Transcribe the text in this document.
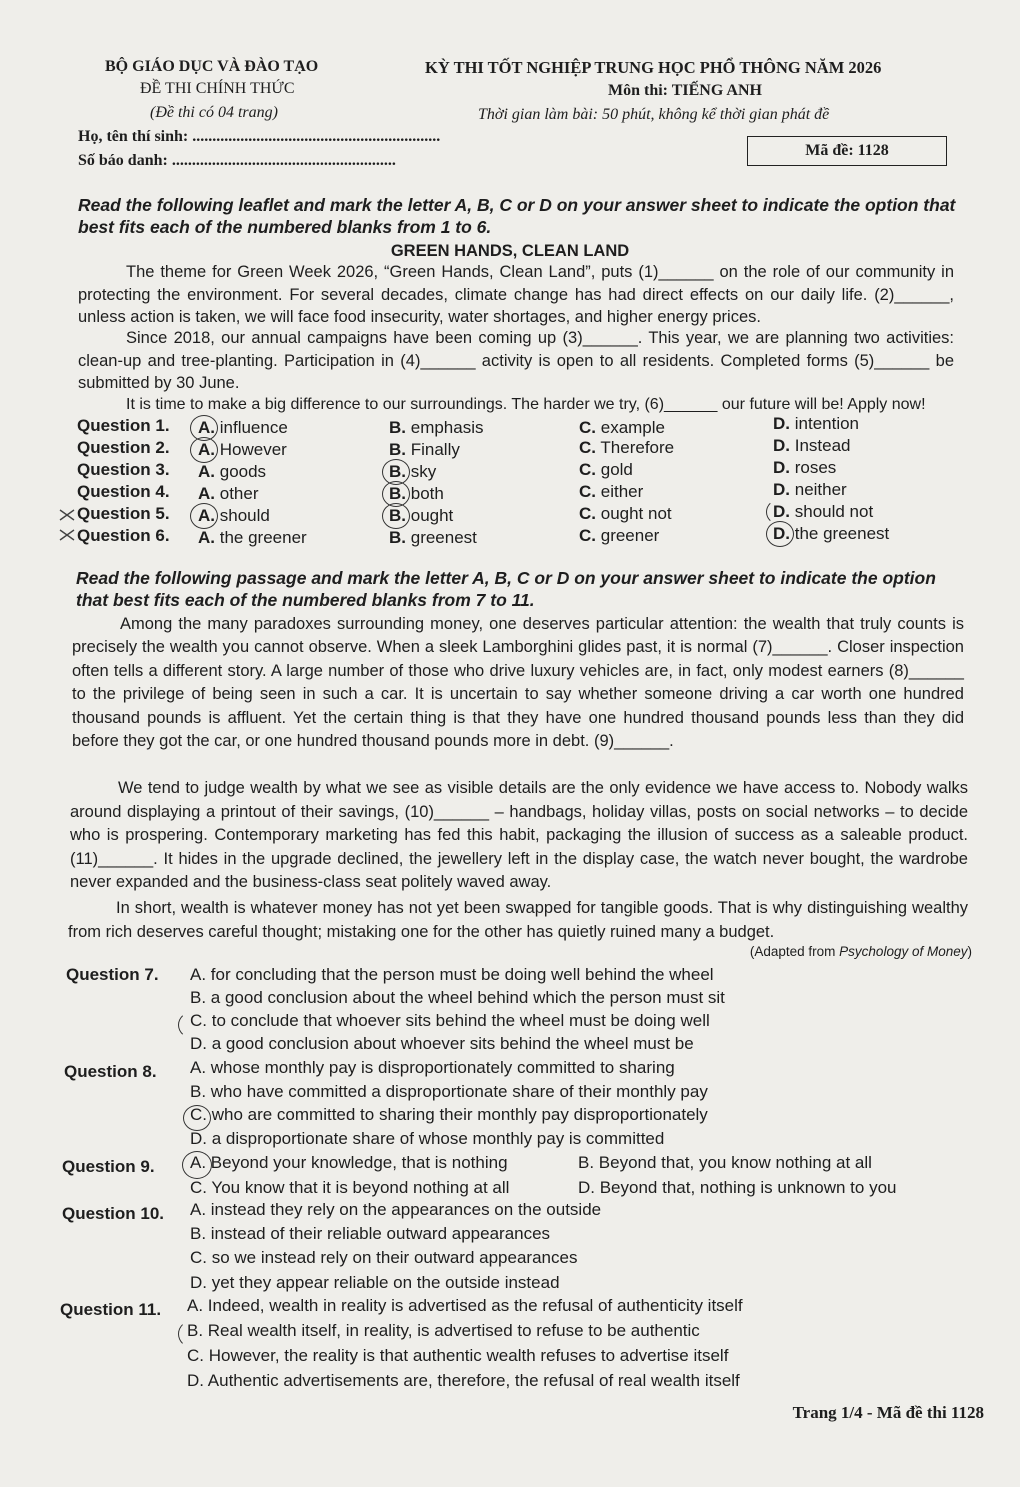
BỘ GIÁO DỤC VÀ ĐÀO TẠO
ĐỀ THI CHÍNH THỨC
(Đề thi có 04 trang)
Họ, tên thí sinh: ..............................................................
Số báo danh: ........................................................
KỲ THI TỐT NGHIỆP TRUNG HỌC PHỔ THÔNG NĂM 2026
Môn thi: TIẾNG ANH
Thời gian làm bài: 50 phút, không kể thời gian phát đề
Mã đề: 1128
Read the following leaflet and mark the letter A, B, C or D on your answer sheet to indicate the option that best fits each of the numbered blanks from 1 to 6.
GREEN HANDS, CLEAN LAND
The theme for Green Week 2026, “Green Hands, Clean Land”, puts (1)______ on the role of our community in protecting the environment. For several decades, climate change has had direct effects on our daily life. (2)______, unless action is taken, we will face food insecurity, water shortages, and higher energy prices.
Since 2018, our annual campaigns have been coming up (3)______. This year, we are planning two activities: clean-up and tree-planting. Participation in (4)______ activity is open to all residents. Completed forms (5)______ be submitted by 30 June.
It is time to make a big difference to our surroundings. The harder we try, (6)______ our future will be! Apply now!
Question 1. A. influence	B. emphasis	C. example	D. intention
Question 2. A. However	B. Finally	C. Therefore	D. Instead
Question 3. A. goods	B. sky	C. gold	D. roses
Question 4. A. other	B. both	C. either	D. neither
Question 5. A. should	B. ought	C. ought not	D. should not
Question 6. A. the greener	B. greenest	C. greener	D. the greenest
Read the following passage and mark the letter A, B, C or D on your answer sheet to indicate the option that best fits each of the numbered blanks from 7 to 11.
Among the many paradoxes surrounding money, one deserves particular attention: the wealth that truly counts is precisely the wealth you cannot observe. When a sleek Lamborghini glides past, it is normal (7)______. Closer inspection often tells a different story. A large number of those who drive luxury vehicles are, in fact, only modest earners (8)______ to the privilege of being seen in such a car. It is uncertain to say whether someone driving a car worth one hundred thousand pounds is affluent. Yet the certain thing is that they have one hundred thousand pounds less than they did before they got the car, or one hundred thousand pounds more in debt. (9)______.
We tend to judge wealth by what we see as visible details are the only evidence we have access to. Nobody walks around displaying a printout of their savings, (10)______ – handbags, holiday villas, posts on social networks – to decide who is prospering. Contemporary marketing has fed this habit, packaging the illusion of success as a saleable product. (11)______. It hides in the upgrade declined, the jewellery left in the display case, the watch never bought, the wardrobe never expanded and the business-class seat politely waved away.
In short, wealth is whatever money has not yet been swapped for tangible goods. That is why distinguishing wealthy from rich deserves careful thought; mistaking one for the other has quietly ruined many a budget.
(Adapted from Psychology of Money)
Question 7. A. for concluding that the person must be doing well behind the wheel
B. a good conclusion about the wheel behind which the person must sit
C. to conclude that whoever sits behind the wheel must be doing well
D. a good conclusion about whoever sits behind the wheel must be
Question 8. A. whose monthly pay is disproportionately committed to sharing
B. who have committed a disproportionate share of their monthly pay
C. who are committed to sharing their monthly pay disproportionately
D. a disproportionate share of whose monthly pay is committed
Question 9. A. Beyond your knowledge, that is nothing	B. Beyond that, you know nothing at all
C. You know that it is beyond nothing at all	D. Beyond that, nothing is unknown to you
Question 10. A. instead they rely on the appearances on the outside
B. instead of their reliable outward appearances
C. so we instead rely on their outward appearances
D. yet they appear reliable on the outside instead
Question 11. A. Indeed, wealth in reality is advertised as the refusal of authenticity itself
B. Real wealth itself, in reality, is advertised to refuse to be authentic
C. However, the reality is that authentic wealth refuses to advertise itself
D. Authentic advertisements are, therefore, the refusal of real wealth itself
Trang 1/4 - Mã đề thi 1128
